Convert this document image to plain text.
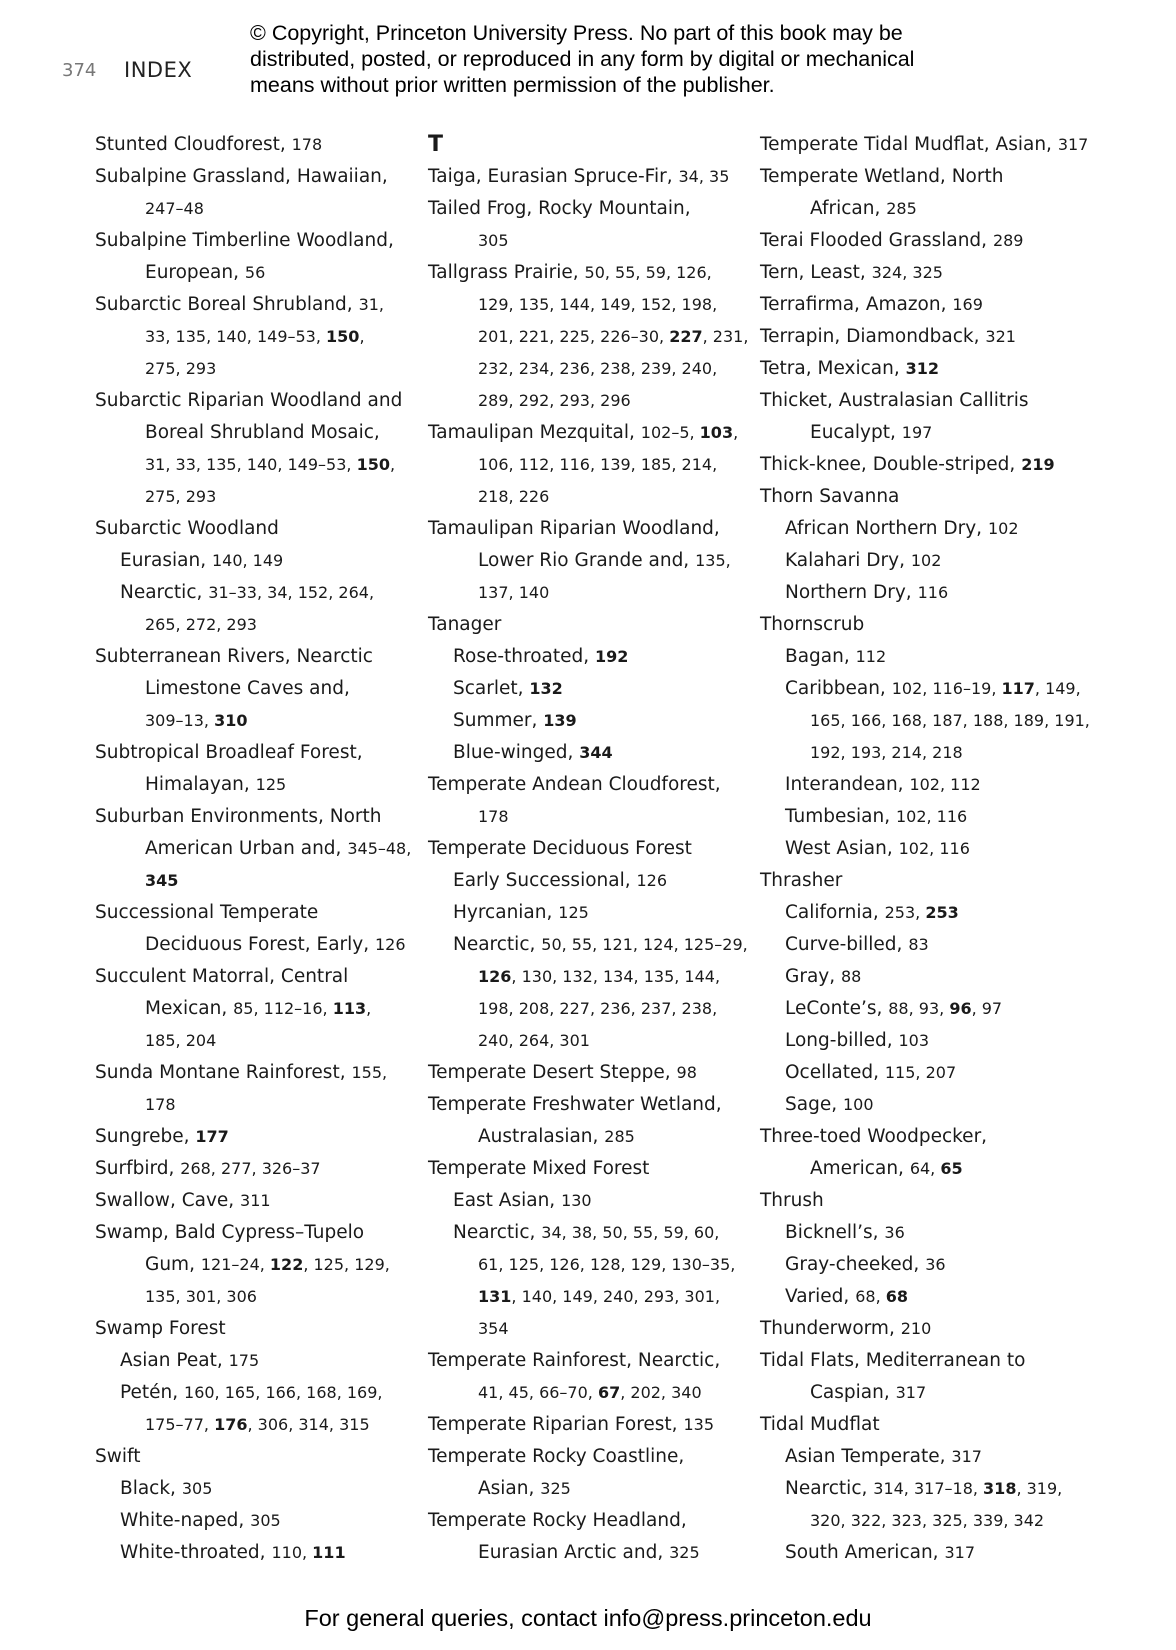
374 INDEX
© Copyright, Princeton University Press. No part of this book may be
distributed, posted, or reproduced in any form by digital or mechanical
means without prior written permission of the publisher.
Stunted Cloudforest, 178
Subalpine Grassland, Hawaiian,
247–48
Subalpine Timberline Woodland,
European, 56
Subarctic Boreal Shrubland, 31,
33, 135, 140, 149–53, 150,
275, 293
Subarctic Riparian Woodland and
Boreal Shrubland Mosaic,
31, 33, 135, 140, 149–53, 150,
275, 293
Subarctic Woodland
Eurasian, 140, 149
Nearctic, 31–33, 34, 152, 264,
265, 272, 293
Subterranean Rivers, Nearctic
Limestone Caves and,
309–13, 310
Subtropical Broadleaf Forest,
Himalayan, 125
Suburban Environments, North
American Urban and, 345–48,
345
Successional Temperate
Deciduous Forest, Early, 126
Succulent Matorral, Central
Mexican, 85, 112–16, 113,
185, 204
Sunda Montane Rainforest, 155,
178
Sungrebe, 177
Surfbird, 268, 277, 326–37
Swallow, Cave, 311
Swamp, Bald Cypress–Tupelo
Gum, 121–24, 122, 125, 129,
135, 301, 306
Swamp Forest
Asian Peat, 175
Petén, 160, 165, 166, 168, 169,
175–77, 176, 306, 314, 315
Swift
Black, 305
White-naped, 305
White-throated, 110, 111
T
Taiga, Eurasian Spruce-Fir, 34, 35
Tailed Frog, Rocky Mountain,
305
Tallgrass Prairie, 50, 55, 59, 126,
129, 135, 144, 149, 152, 198,
201, 221, 225, 226–30, 227, 231,
232, 234, 236, 238, 239, 240,
289, 292, 293, 296
Tamaulipan Mezquital, 102–5, 103,
106, 112, 116, 139, 185, 214,
218, 226
Tamaulipan Riparian Woodland,
Lower Rio Grande and, 135,
137, 140
Tanager
Rose-throated, 192
Scarlet, 132
Summer, 139
Blue-winged, 344
Temperate Andean Cloudforest,
178
Temperate Deciduous Forest
Early Successional, 126
Hyrcanian, 125
Nearctic, 50, 55, 121, 124, 125–29,
126, 130, 132, 134, 135, 144,
198, 208, 227, 236, 237, 238,
240, 264, 301
Temperate Desert Steppe, 98
Temperate Freshwater Wetland,
Australasian, 285
Temperate Mixed Forest
East Asian, 130
Nearctic, 34, 38, 50, 55, 59, 60,
61, 125, 126, 128, 129, 130–35,
131, 140, 149, 240, 293, 301,
354
Temperate Rainforest, Nearctic,
41, 45, 66–70, 67, 202, 340
Temperate Riparian Forest, 135
Temperate Rocky Coastline,
Asian, 325
Temperate Rocky Headland,
Eurasian Arctic and, 325
Temperate Tidal Mudflat, Asian, 317
Temperate Wetland, North
African, 285
Terai Flooded Grassland, 289
Tern, Least, 324, 325
Terrafirma, Amazon, 169
Terrapin, Diamondback, 321
Tetra, Mexican, 312
Thicket, Australasian Callitris
Eucalypt, 197
Thick-knee, Double-striped, 219
Thorn Savanna
African Northern Dry, 102
Kalahari Dry, 102
Northern Dry, 116
Thornscrub
Bagan, 112
Caribbean, 102, 116–19, 117, 149,
165, 166, 168, 187, 188, 189, 191,
192, 193, 214, 218
Interandean, 102, 112
Tumbesian, 102, 116
West Asian, 102, 116
Thrasher
California, 253, 253
Curve-billed, 83
Gray, 88
LeConte’s, 88, 93, 96, 97
Long-billed, 103
Ocellated, 115, 207
Sage, 100
Three-toed Woodpecker,
American, 64, 65
Thrush
Bicknell’s, 36
Gray-cheeked, 36
Varied, 68, 68
Thunderworm, 210
Tidal Flats, Mediterranean to
Caspian, 317
Tidal Mudflat
Asian Temperate, 317
Nearctic, 314, 317–18, 318, 319,
320, 322, 323, 325, 339, 342
South American, 317
For general queries, contact info@press.princeton.edu
